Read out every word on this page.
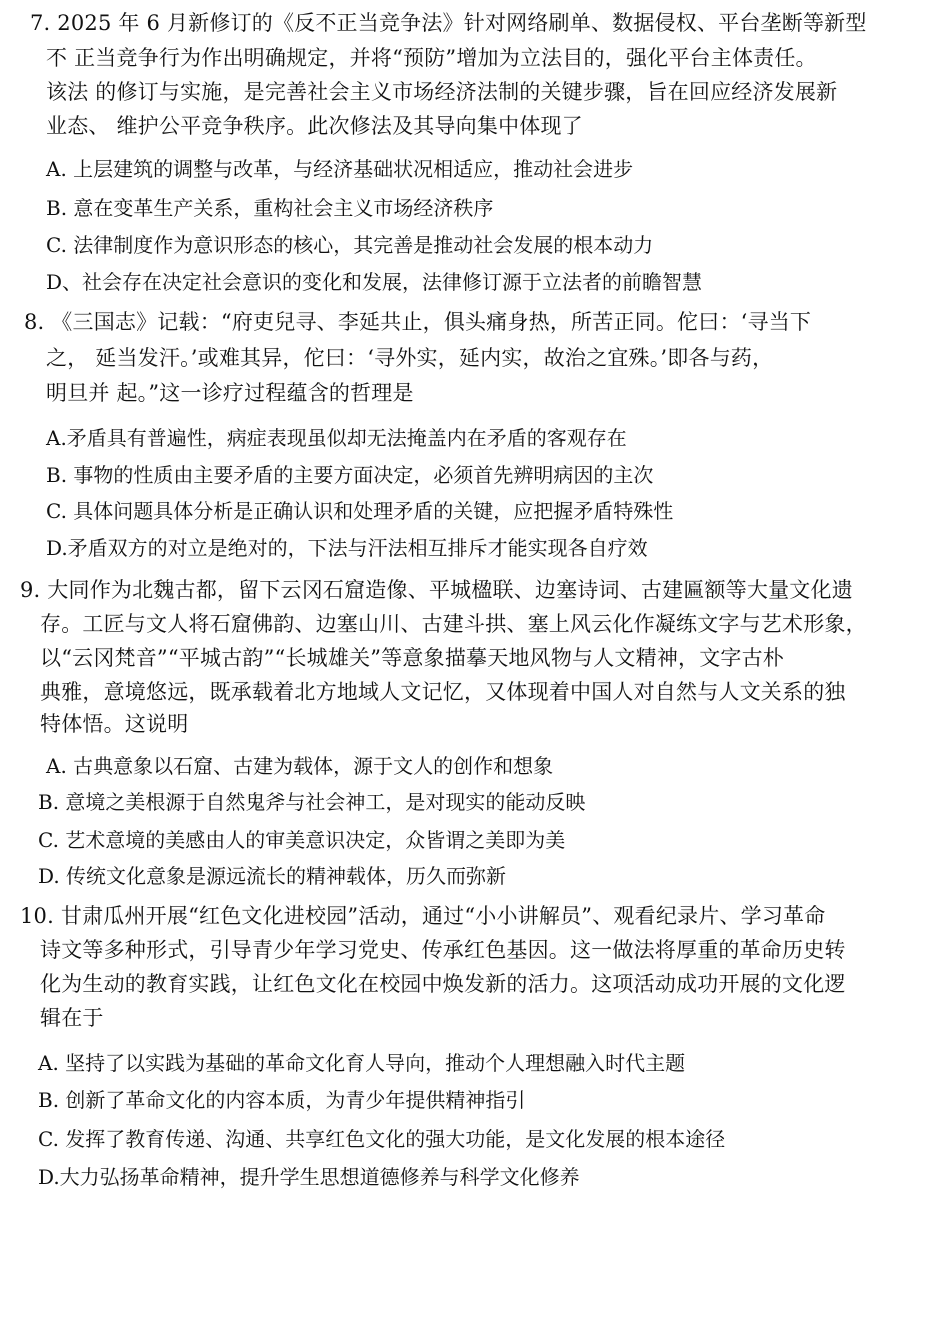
7. 2025 年 6 月新修订的《反不正当竞争法》针对网络刷单、数据侵权、平台垄断等新型
不 正当竞争行为作出明确规定，并将“预防”增加为立法目的，强化平台主体责任。
该法 的修订与实施，是完善社会主义市场经济法制的关键步骤，旨在回应经济发展新
业态、 维护公平竞争秩序。此次修法及其导向集中体现了
A. 上层建筑的调整与改革，与经济基础状况相适应，推动社会进步
B. 意在变革生产关系，重构社会主义市场经济秩序
C. 法律制度作为意识形态的核心，其完善是推动社会发展的根本动力
D、社会存在决定社会意识的变化和发展，法律修订源于立法者的前瞻智慧
8. 《三国志》记载：“府吏兒寻、李延共止，俱头痛身热，所苦正同。佗曰：‘寻当下
之， 延当发汗。’或难其异，佗曰：‘寻外实，延内实，故治之宜殊。’即各与药，
明旦并 起。”这一诊疗过程蕴含的哲理是
A.矛盾具有普遍性，病症表现虽似却无法掩盖内在矛盾的客观存在
B. 事物的性质由主要矛盾的主要方面决定，必须首先辨明病因的主次
C. 具体问题具体分析是正确认识和处理矛盾的关键，应把握矛盾特殊性
D.矛盾双方的对立是绝对的，下法与汗法相互排斥才能实现各自疗效
9. 大同作为北魏古都，留下云冈石窟造像、平城楹联、边塞诗词、古建匾额等大量文化遗
存。工匠与文人将石窟佛韵、边塞山川、古建斗拱、塞上风云化作凝练文字与艺术形象，
以“云冈梵音”“平城古韵”“长城雄关”等意象描摹天地风物与人文精神，文字古朴
典雅，意境悠远，既承载着北方地域人文记忆，又体现着中国人对自然与人文关系的独
特体悟。这说明
A. 古典意象以石窟、古建为载体，源于文人的创作和想象
B. 意境之美根源于自然鬼斧与社会神工，是对现实的能动反映
C. 艺术意境的美感由人的审美意识决定，众皆谓之美即为美
D. 传统文化意象是源远流长的精神载体，历久而弥新
10. 甘肃瓜州开展“红色文化进校园”活动，通过“小小讲解员”、观看纪录片、学习革命
诗文等多种形式，引导青少年学习党史、传承红色基因。这一做法将厚重的革命历史转
化为生动的教育实践，让红色文化在校园中焕发新的活力。这项活动成功开展的文化逻
辑在于
A. 坚持了以实践为基础的革命文化育人导向，推动个人理想融入时代主题
B. 创新了革命文化的内容本质，为青少年提供精神指引
C. 发挥了教育传递、沟通、共享红色文化的强大功能，是文化发展的根本途径
D.大力弘扬革命精神，提升学生思想道德修养与科学文化修养
